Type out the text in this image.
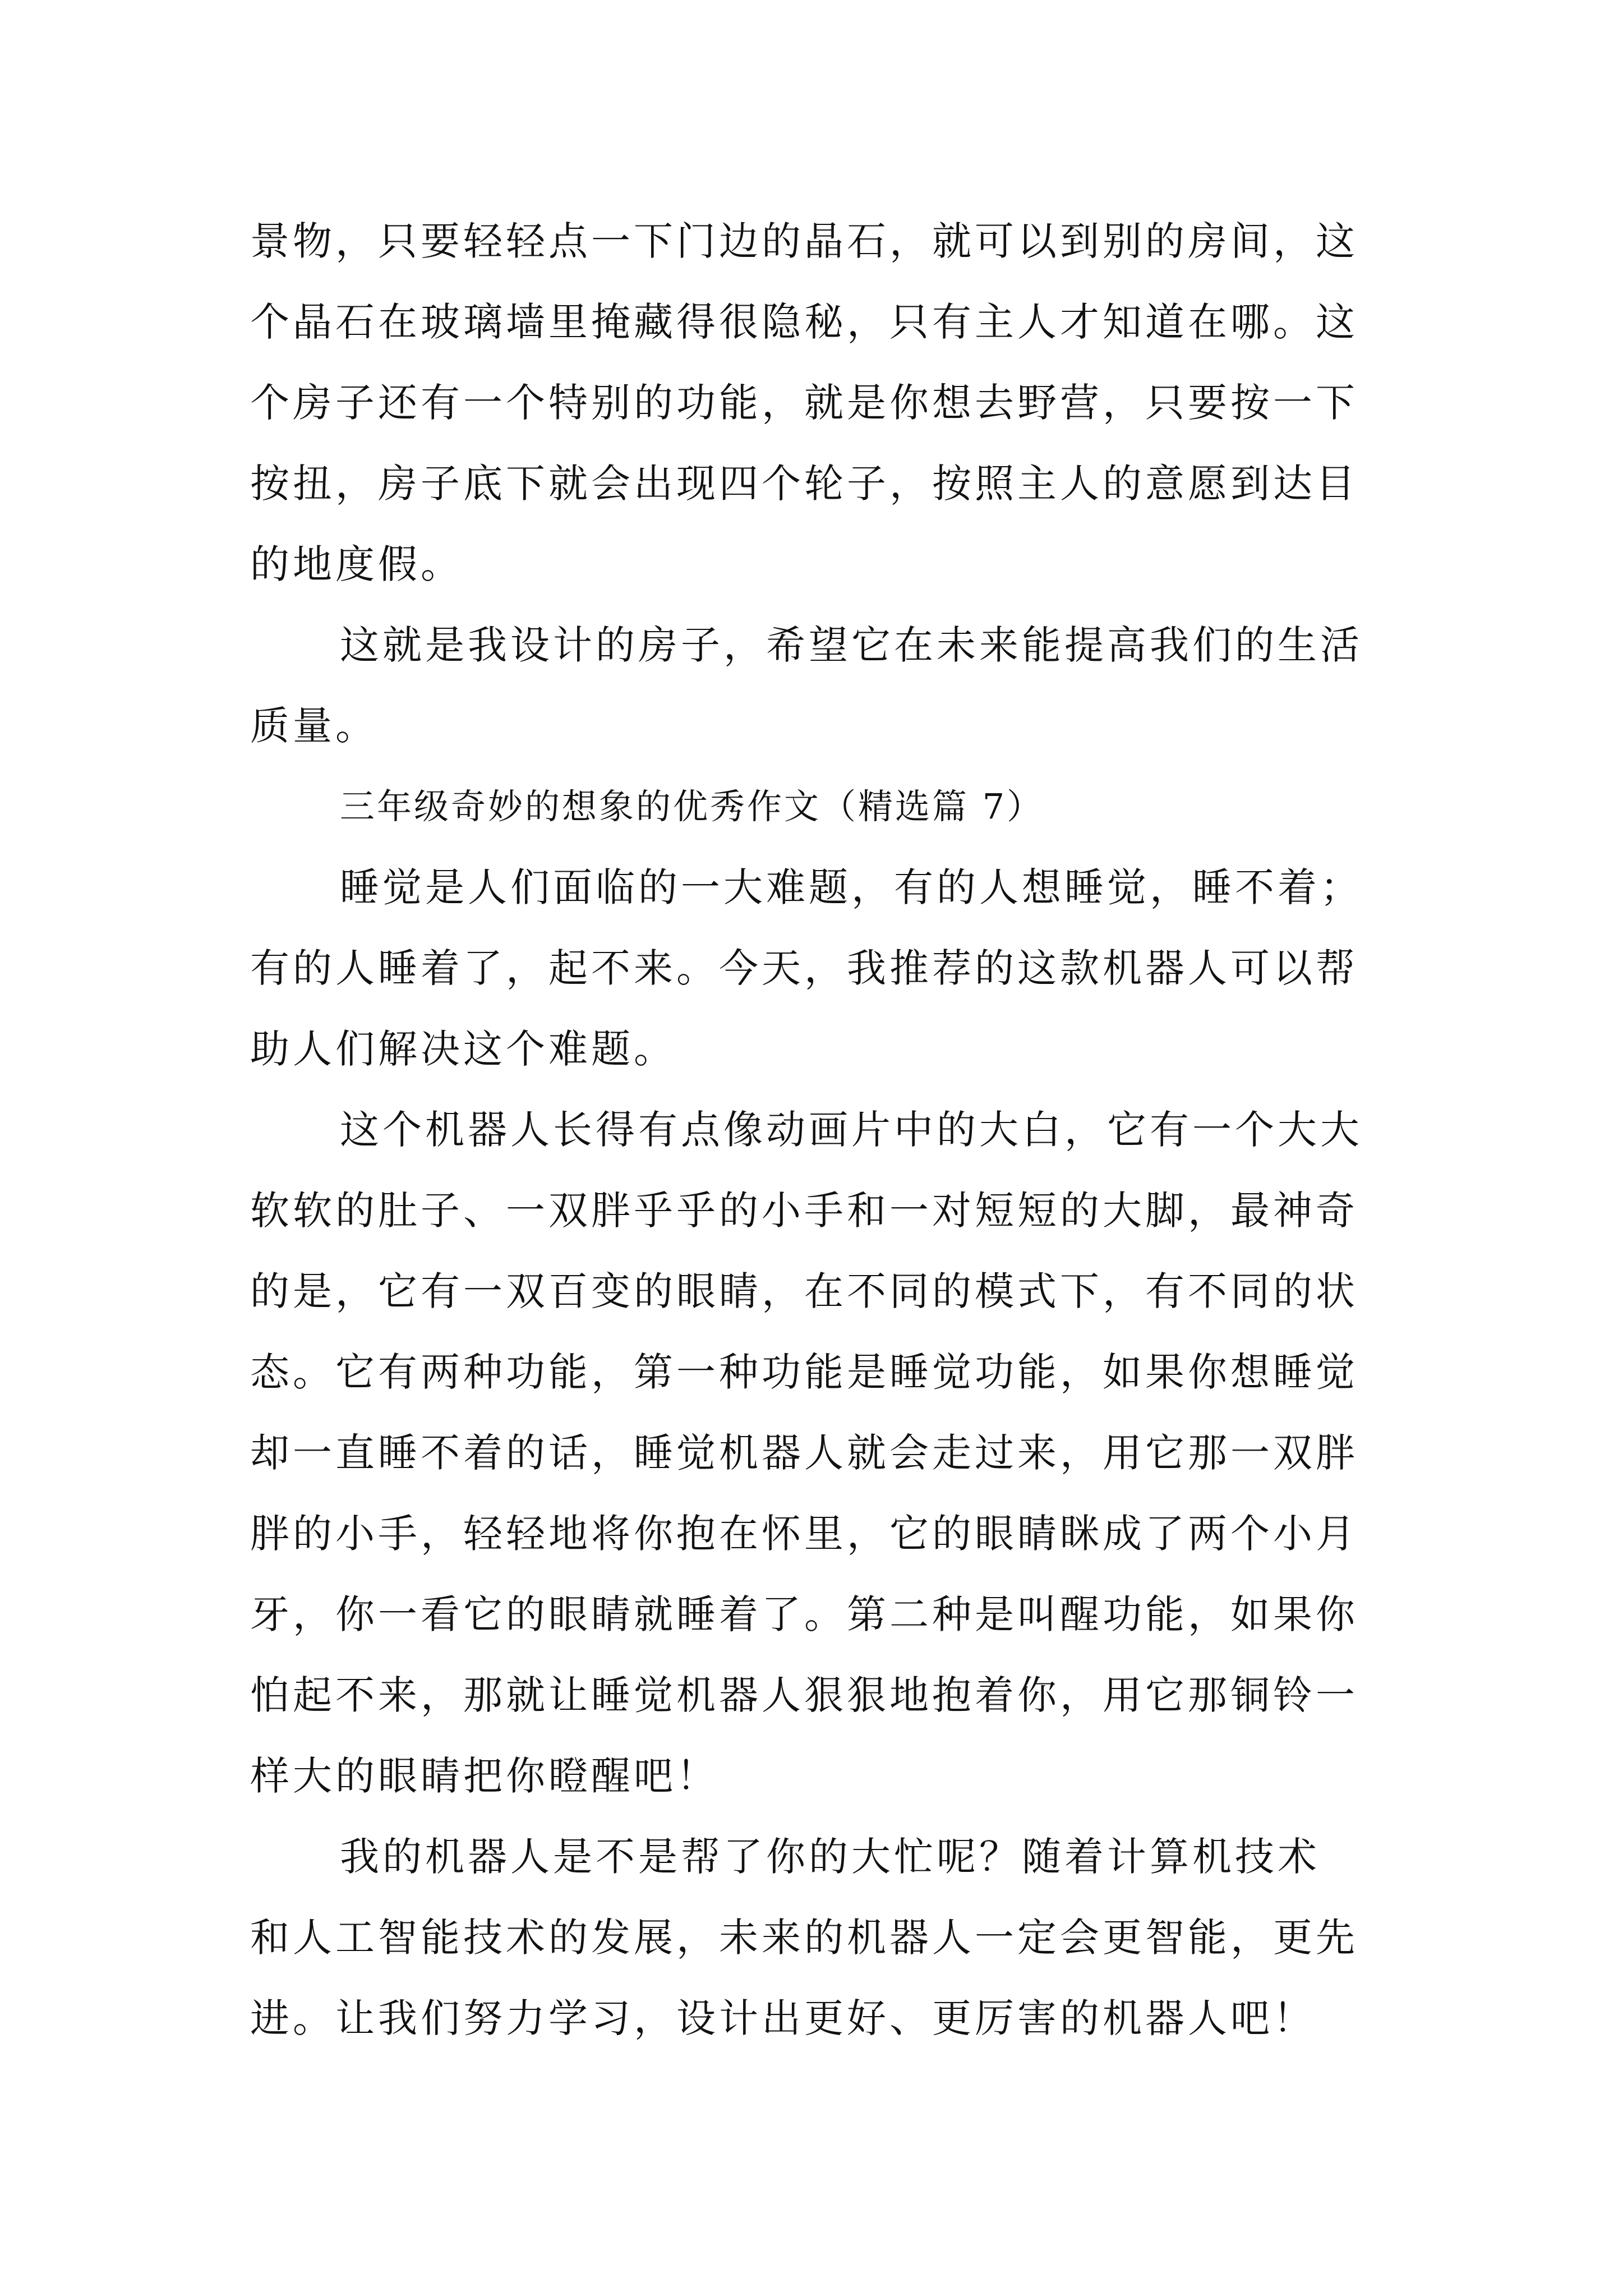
景物，只要轻轻点一下门边的晶石，就可以到别的房间，这
个晶石在玻璃墙里掩藏得很隐秘，只有主人才知道在哪。这
个房子还有一个特别的功能，就是你想去野营，只要按一下
按扭，房子底下就会出现四个轮子，按照主人的意愿到达目
的地度假。
这就是我设计的房子，希望它在未来能提高我们的生活
质量。
三年级奇妙的想象的优秀作文（精选篇 7）
睡觉是人们面临的一大难题，有的人想睡觉，睡不着；
有的人睡着了，起不来。今天，我推荐的这款机器人可以帮
助人们解决这个难题。
这个机器人长得有点像动画片中的大白，它有一个大大
软软的肚子、一双胖乎乎的小手和一对短短的大脚，最神奇
的是，它有一双百变的眼睛，在不同的模式下，有不同的状
态。它有两种功能，第一种功能是睡觉功能，如果你想睡觉
却一直睡不着的话，睡觉机器人就会走过来，用它那一双胖
胖的小手，轻轻地将你抱在怀里，它的眼睛眯成了两个小月
牙，你一看它的眼睛就睡着了。第二种是叫醒功能，如果你
怕起不来，那就让睡觉机器人狠狠地抱着你，用它那铜铃一
样大的眼睛把你瞪醒吧！
我的机器人是不是帮了你的大忙呢？随着计算机技术
和人工智能技术的发展，未来的机器人一定会更智能，更先
进。让我们努力学习，设计出更好、更厉害的机器人吧！
